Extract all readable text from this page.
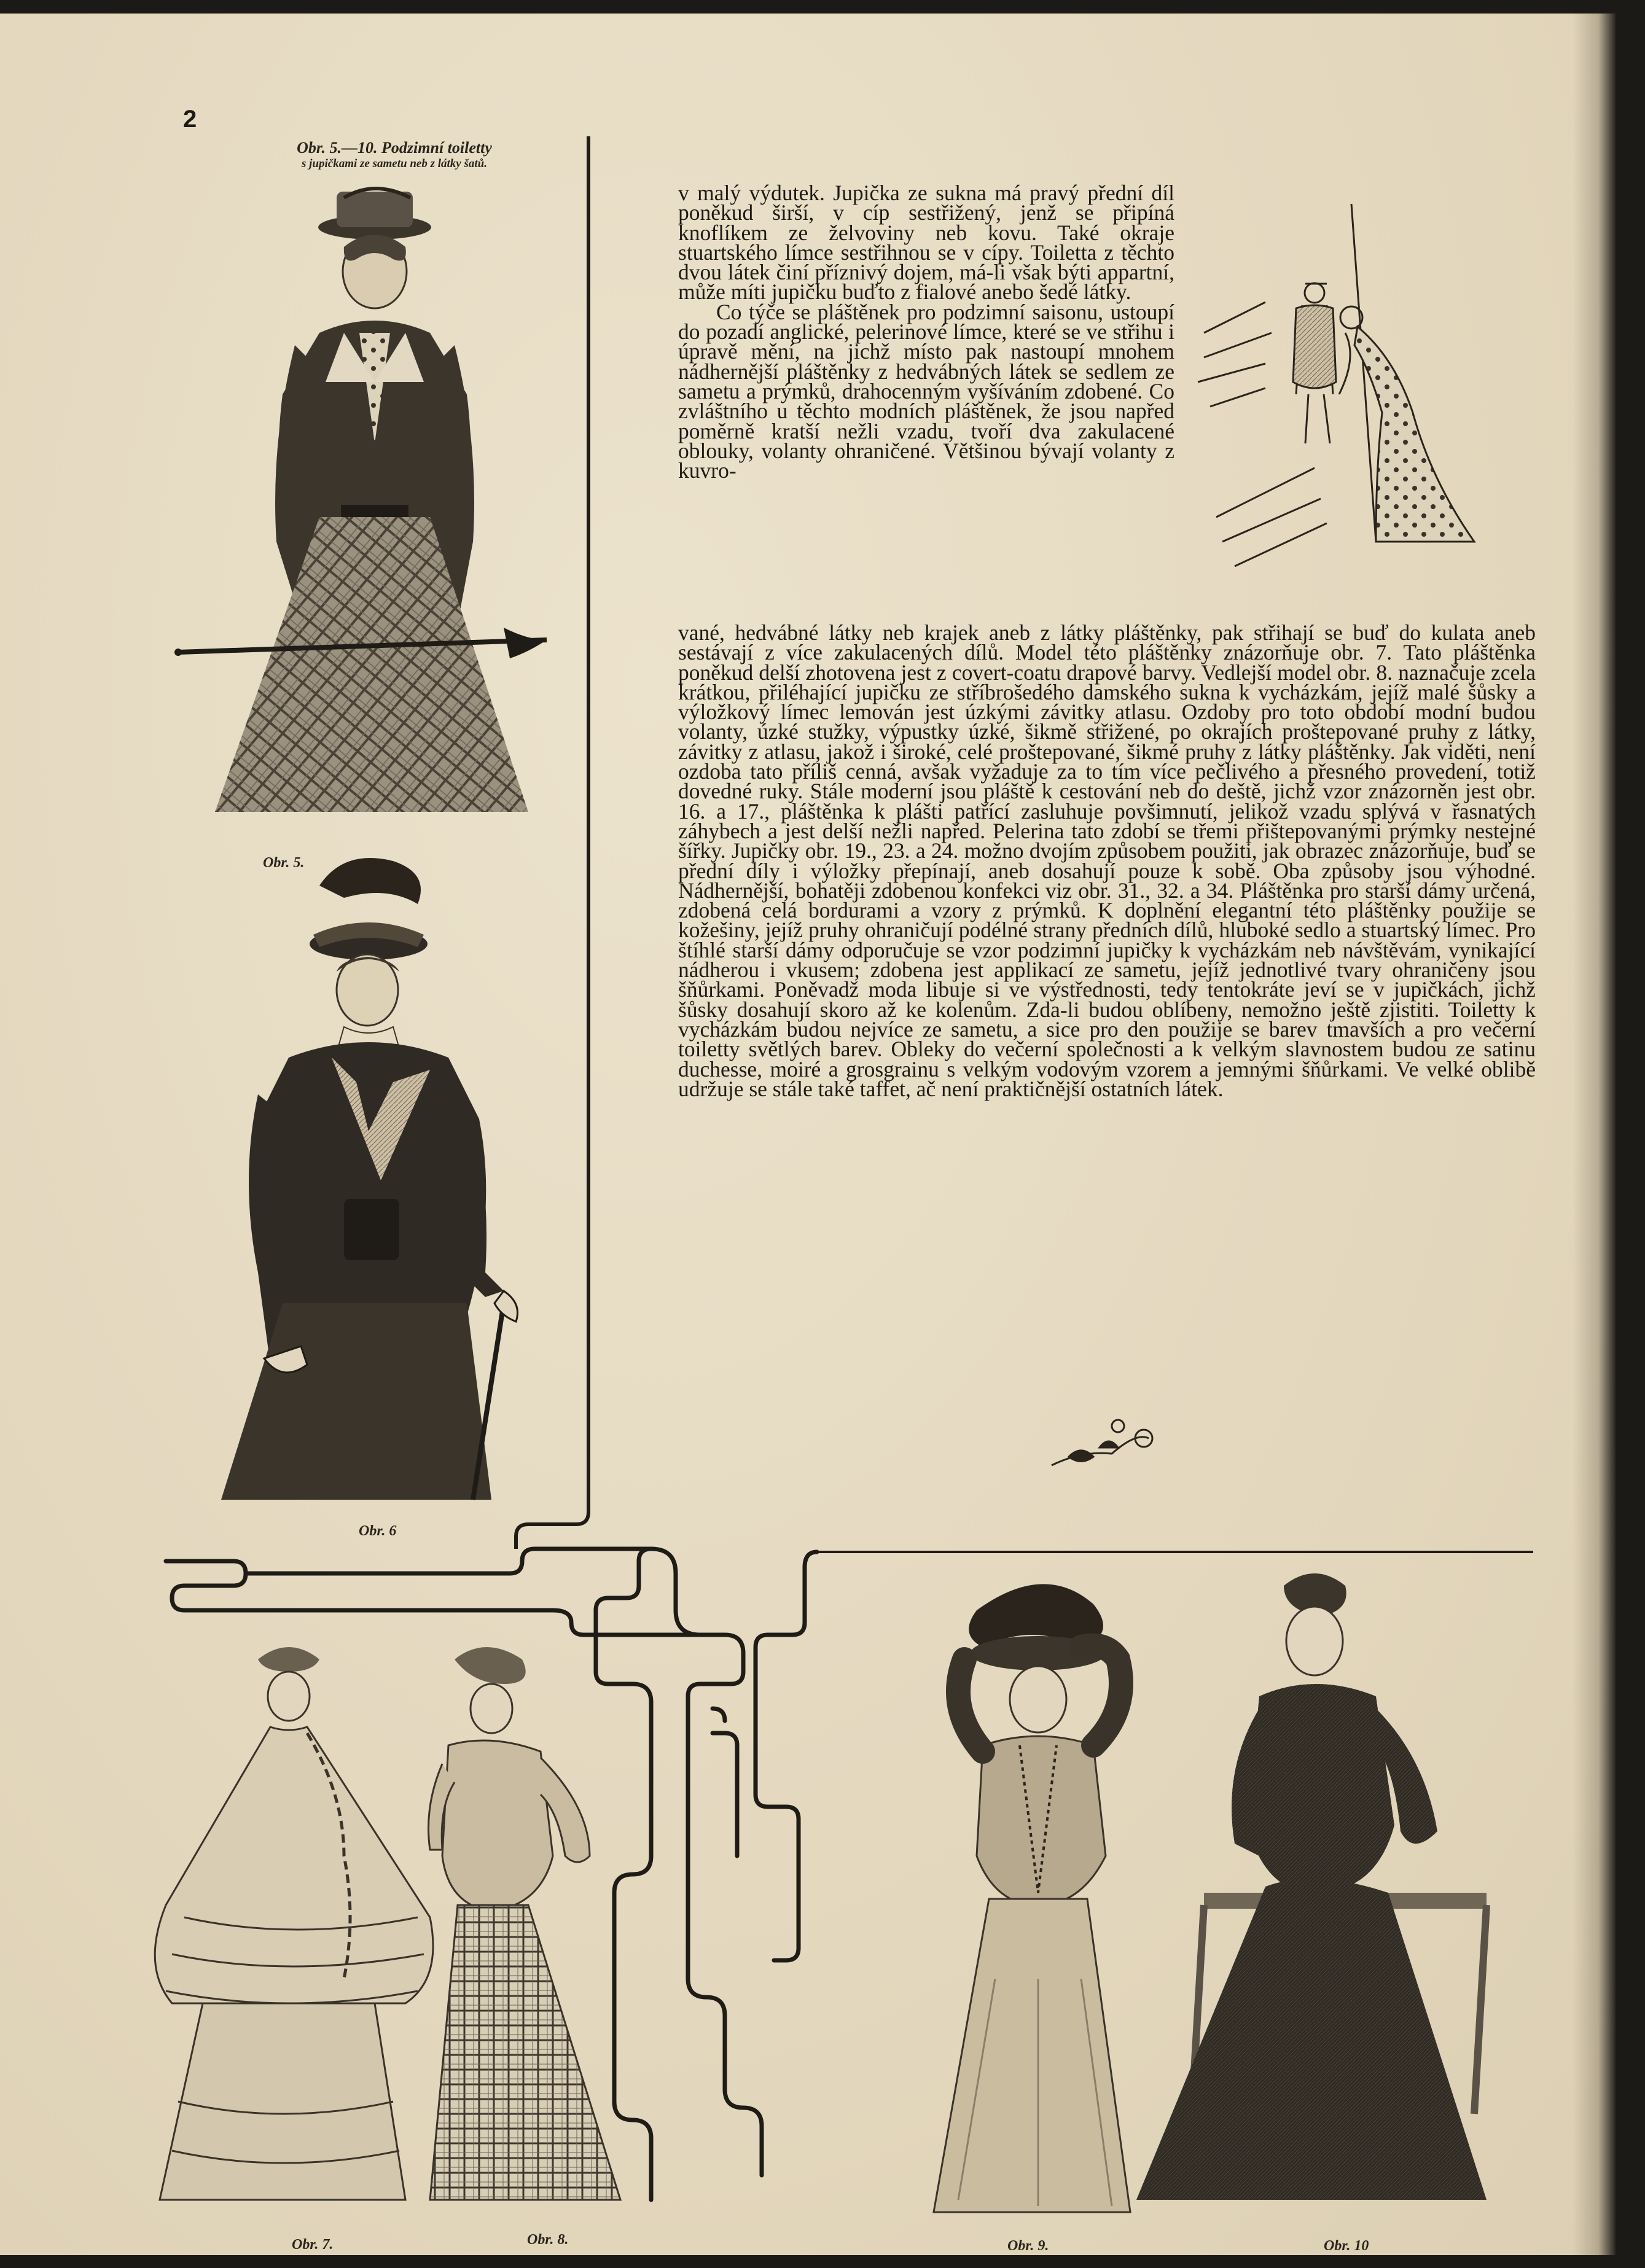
2
Obr. 5.—10. Podzimní toiletty
s jupičkami ze sametu neb z látky šatů.
Obr. 5.
Obr. 6
Obr. 7.	Obr. 8.	Obr. 9.	Obr. 10

v malý výdutek. Jupička ze sukna má pravý přední díl poněkud širší, v cíp sestřižený, jenž se připíná knoflíkem ze želvoviny neb kovu. Také okraje stuartského límce sestřihnou se v cípy. Toiletta z těchto dvou látek činí příznivý dojem, má-li však býti appartní, může míti jupičku buďto z fialové anebo šedé látky.

Co týče se pláštěnek pro podzimní saisonu, ustoupí do pozadí anglické, pelerinové límce, které se ve střihu i úpravě mění, na jichž místo pak nastoupí mnohem nádhernější pláštěnky z hedvábných látek se sedlem ze sametu a prýmků, drahocenným vyšíváním zdobené. Co zvláštního u těchto modních pláštěnek, že jsou napřed poměrně kratší nežli vzadu, tvoří dva zakulacené oblouky, volanty ohraničené. Většinou bývají volanty z kuvro-

vané, hedvábné látky neb krajek aneb z látky pláštěnky, pak střihají se buď do kulata aneb sestávají z více zakulacených dílů. Model této pláštěnky znázorňuje obr. 7. Tato pláštěnka poněkud delší zhotovena jest z covert-coatu drapové barvy. Vedlejší model obr. 8. naznačuje zcela krátkou, přiléhající jupičku ze stříbrošedého damského sukna k vycházkám, jejíž malé šůsky a výložkový límec lemován jest úzkými závitky atlasu. Ozdoby pro toto období modní budou volanty, úzké stužky, výpustky úzké, šikmě střižené, po okrajích proštepované pruhy z látky, závitky z atlasu, jakož i široké, celé proštepované, šikmé pruhy z látky pláštěnky. Jak viděti, není ozdoba tato příliš cenná, avšak vyžaduje za to tím více pečlivého a přesného provedení, totiž dovedné ruky. Stále moderní jsou pláště k cestování neb do deště, jichž vzor znázorněn jest obr. 16. a 17., pláštěnka k plášti patřící zasluhuje povšimnutí, jelikož vzadu splývá v řasnatých záhybech a jest delší nežli napřed. Pelerina tato zdobí se třemi přištepovanými prýmky nestejné šířky. Jupičky obr. 19., 23. a 24. možno dvojím způsobem použiti, jak obrazec znázorňuje, buď se přední díly i výložky přepínají, aneb dosahují pouze k sobě. Oba způsoby jsou výhodné. Nádhernější, bohatěji zdobenou konfekci viz obr. 31., 32. a 34. Pláštěnka pro starší dámy určená, zdobená celá bordurami a vzory z prýmků. K doplnění elegantní této pláštěnky použije se kožešiny, jejíž pruhy ohraničují podélné strany předních dílů, hluboké sedlo a stuartský límec. Pro štíhlé starší dámy odporučuje se vzor podzimní jupičky k vycházkám neb návštěvám, vynikající nádherou i vkusem; zdobena jest applikací ze sametu, jejíž jednotlivé tvary ohraničeny jsou šňůrkami. Poněvadž moda libuje si ve výstřednosti, tedy tentokráte jeví se v jupičkách, jichž šůsky dosahují skoro až ke kolenům. Zda-li budou oblíbeny, nemožno ještě zjistiti. Toiletty k vycházkám budou nejvíce ze sametu, a sice pro den použije se barev tmavších a pro večerní toiletty světlých barev. Obleky do večerní společnosti a k velkým slavnostem budou ze satinu duchesse, moiré a grosgrainu s velkým vodovým vzorem a jemnými šňůrkami. Ve velké oblibě udržuje se stále také taffet, ač není praktičnější ostatních látek.
